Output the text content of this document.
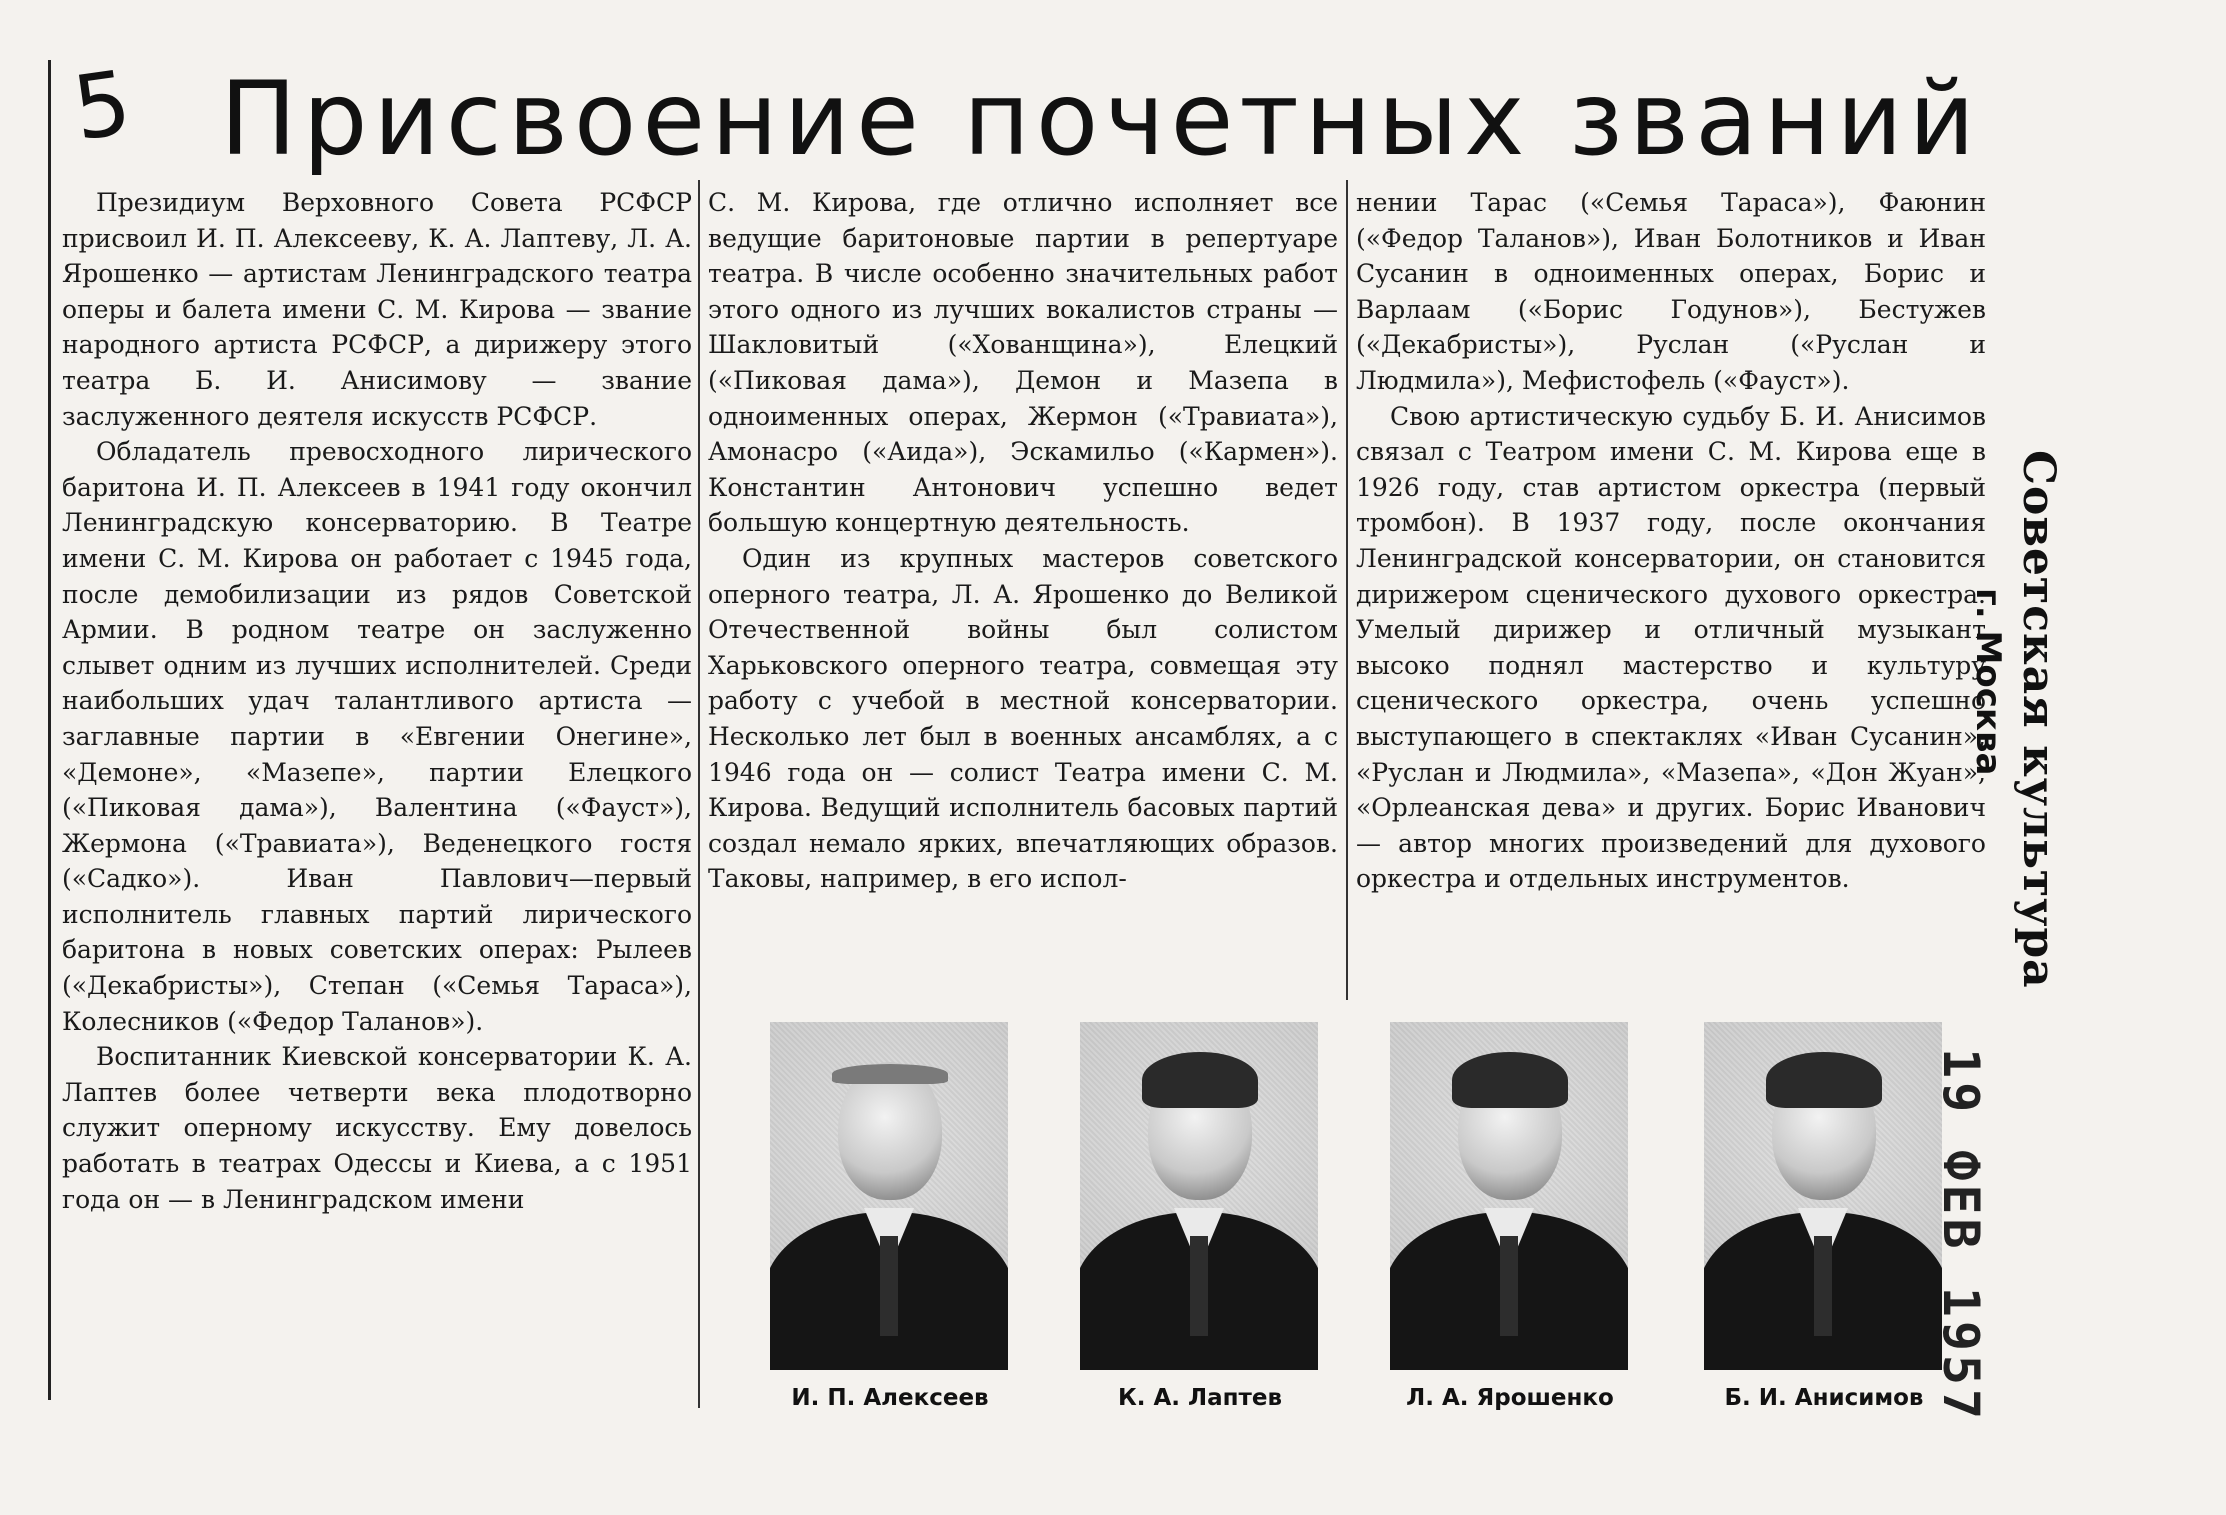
5 Присвоение почетных званий

Президиум Верховного Совета РСФСР присвоил И. П. Алексееву, К. А. Лаптеву, Л. А. Ярошенко — артистам Ленинградского театра оперы и балета имени С. М. Кирова — звание народного артиста РСФСР, а дирижеру этого театра Б. И. Анисимову — звание заслуженного деятеля искусств РСФСР.

Обладатель превосходного лирического баритона И. П. Алексеев в 1941 году окончил Ленинградскую консерваторию. В Театре имени С. М. Кирова он работает с 1945 года, после демобилизации из рядов Советской Армии. В родном театре он заслуженно слывет одним из лучших исполнителей. Среди наибольших удач талантливого артиста — заглавные партии в «Евгении Онегине», «Демоне», «Мазепе», партии Елецкого («Пиковая дама»), Валентина («Фауст»), Жермона («Травиата»), Веденецкого гостя («Садко»). Иван Павлович—первый исполнитель главных партий лирического баритона в новых советских операх: Рылеев («Декабристы»), Степан («Семья Тараса»), Колесников («Федор Таланов»).

Воспитанник Киевской консерватории К. А. Лаптев более четверти века плодотворно служит оперному искусству. Ему довелось работать в театрах Одессы и Киева, а с 1951 года он — в Ленинградском имени

С. М. Кирова, где отлично исполняет все ведущие баритоновые партии в репертуаре театра. В числе особенно значительных работ этого одного из лучших вокалистов страны — Шакловитый («Хованщина»), Елецкий («Пиковая дама»), Демон и Мазепа в одноименных операх, Жермон («Травиата»), Амонасро («Аида»), Эскамильо («Кармен»). Константин Антонович успешно ведет большую концертную деятельность.

Один из крупных мастеров советского оперного театра, Л. А. Ярошенко до Великой Отечественной войны был солистом Харьковского оперного театра, совмещая эту работу с учебой в местной консерватории. Несколько лет был в военных ансамблях, а с 1946 года он — солист Театра имени С. М. Кирова. Ведущий исполнитель басовых партий создал немало ярких, впечатляющих образов. Таковы, например, в его испол-

нении Тарас («Семья Тараса»), Фаюнин («Федор Таланов»), Иван Болотников и Иван Сусанин в одноименных операх, Борис и Варлаам («Борис Годунов»), Бестужев («Декабристы»), Руслан («Руслан и Людмила»), Мефистофель («Фауст»).

Свою артистическую судьбу Б. И. Анисимов связал с Театром имени С. М. Кирова еще в 1926 году, став артистом оркестра (первый тромбон). В 1937 году, после окончания Ленинградской консерватории, он становится дирижером сценического духового оркестра. Умелый дирижер и отличный музыкант высоко поднял мастерство и культуру сценического оркестра, очень успешно выступающего в спектаклях «Иван Сусанин», «Руслан и Людмила», «Мазепа», «Дон Жуан», «Орлеанская дева» и других. Борис Иванович — автор многих произведений для духового оркестра и отдельных инструментов.

И. П. Алексеев	К. А. Лаптев	Л. А. Ярошенко	Б. И. Анисимов
Советская культура
г. Москва
19 ФЕВ 1957
